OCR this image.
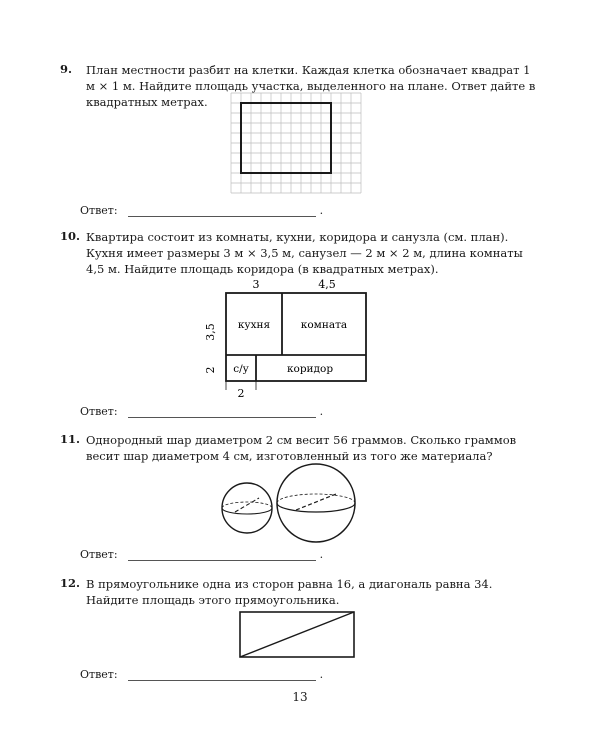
9. План местности разбит на клетки. Каждая клетка обозначает квадрат 1 м × 1 м. Найдите площадь участка, выделенного на плане. Ответ дайте в квадратных метрах.
Ответ:	.
10. Квартира состоит из комнаты, кухни, коридора и санузла (см. план). Кухня имеет размеры 3 м × 3,5 м, санузел — 2 м × 2 м, длина комнаты 4,5 м. Найдите площадь коридора (в квадратных метрах).
3	4,5
3,5
2
кухня	комната
с/у	коридор
2
Ответ:	.
11. Однородный шар диаметром 2 см весит 56 граммов. Сколько граммов весит шар диаметром 4 см, изготовленный из того же материала?
Ответ:	.
12. В прямоугольнике одна из сторон равна 16, а диагональ равна 34. Найдите площадь этого прямоугольника.
Ответ:	.
13
